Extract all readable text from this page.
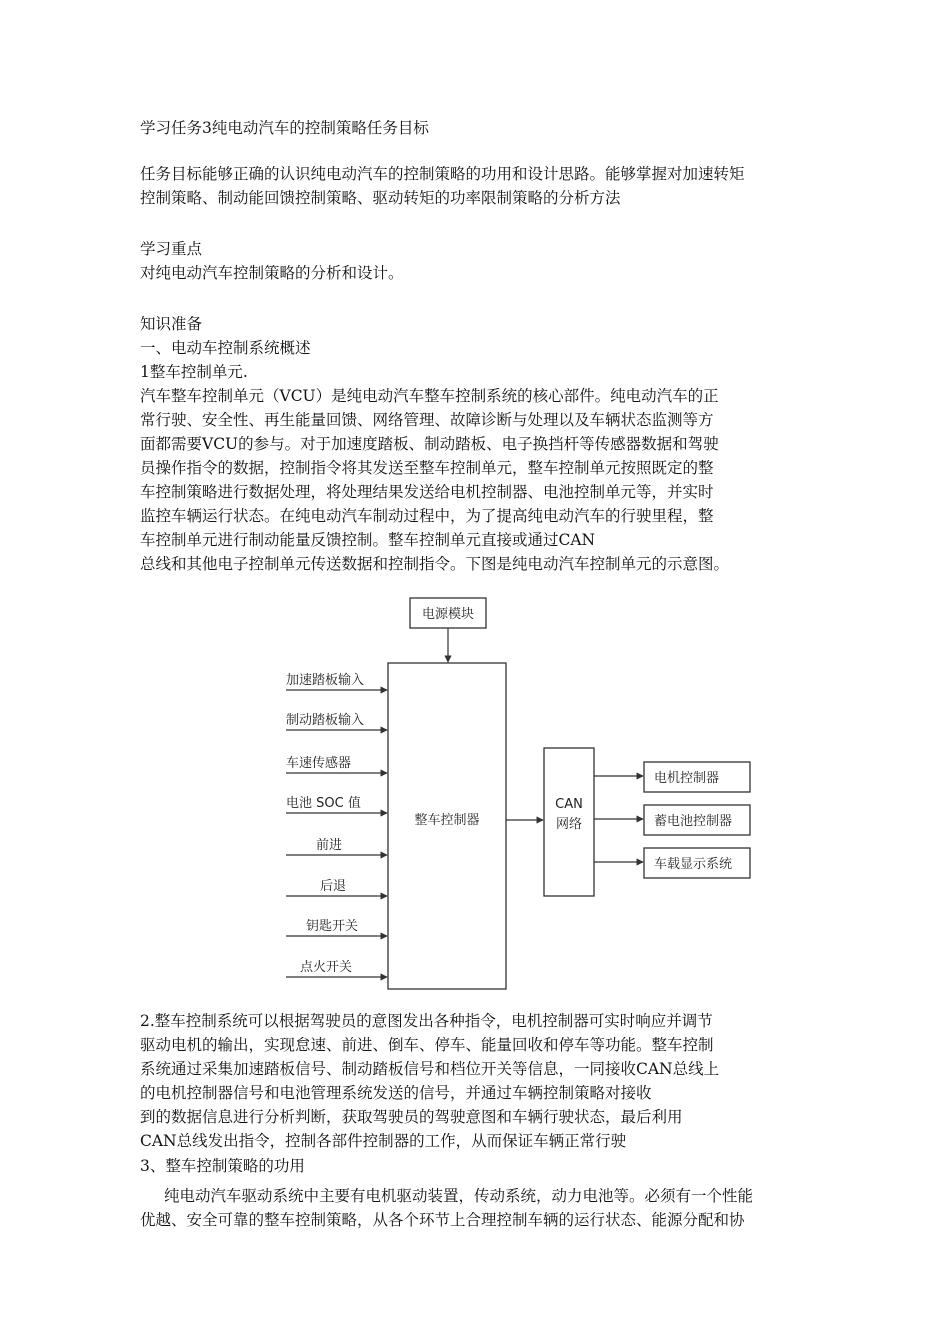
学习任务3纯电动汽车的控制策略任务目标
任务目标能够正确的认识纯电动汽车的控制策略的功用和设计思路。能够掌握对加速转矩
控制策略、制动能回馈控制策略、驱动转矩的功率限制策略的分析方法
学习重点
对纯电动汽车控制策略的分析和设计。
知识准备
一、电动车控制系统概述
1整车控制单元.
汽车整车控制单元（VCU）是纯电动汽车整车控制系统的核心部件。纯电动汽车的正
常行驶、安全性、再生能量回馈、网络管理、故障诊断与处理以及车辆状态监测等方
面都需要VCU的参与。对于加速度踏板、制动踏板、电子换挡杆等传感器数据和驾驶
员操作指令的数据，控制指令将其发送至整车控制单元，整车控制单元按照既定的整
车控制策略进行数据处理，将处理结果发送给电机控制器、电池控制单元等，并实时
监控车辆运行状态。在纯电动汽车制动过程中，为了提高纯电动汽车的行驶里程，整
车控制单元进行制动能量反馈控制。整车控制单元直接或通过CAN
总线和其他电子控制单元传送数据和控制指令。下图是纯电动汽车控制单元的示意图。
电源模块
整车控制器
加速踏板输入
制动踏板输入
车速传感器
电池 SOC 值
前进
后退
钥匙开关
点火开关
CAN
网络
电机控制器
蓄电池控制器
车载显示系统
2.整车控制系统可以根据驾驶员的意图发出各种指令，电机控制器可实时响应并调节
驱动电机的输出，实现怠速、前进、倒车、停车、能量回收和停车等功能。整车控制
系统通过采集加速踏板信号、制动踏板信号和档位开关等信息，一同接收CAN总线上
的电机控制器信号和电池管理系统发送的信号，并通过车辆控制策略对接收
到的数据信息进行分析判断，获取驾驶员的驾驶意图和车辆行驶状态，最后利用
CAN总线发出指令，控制各部件控制器的工作，从而保证车辆正常行驶
3、整车控制策略的功用
纯电动汽车驱动系统中主要有电机驱动装置，传动系统，动力电池等。必须有一个性能
优越、安全可靠的整车控制策略，从各个环节上合理控制车辆的运行状态、能源分配和协
